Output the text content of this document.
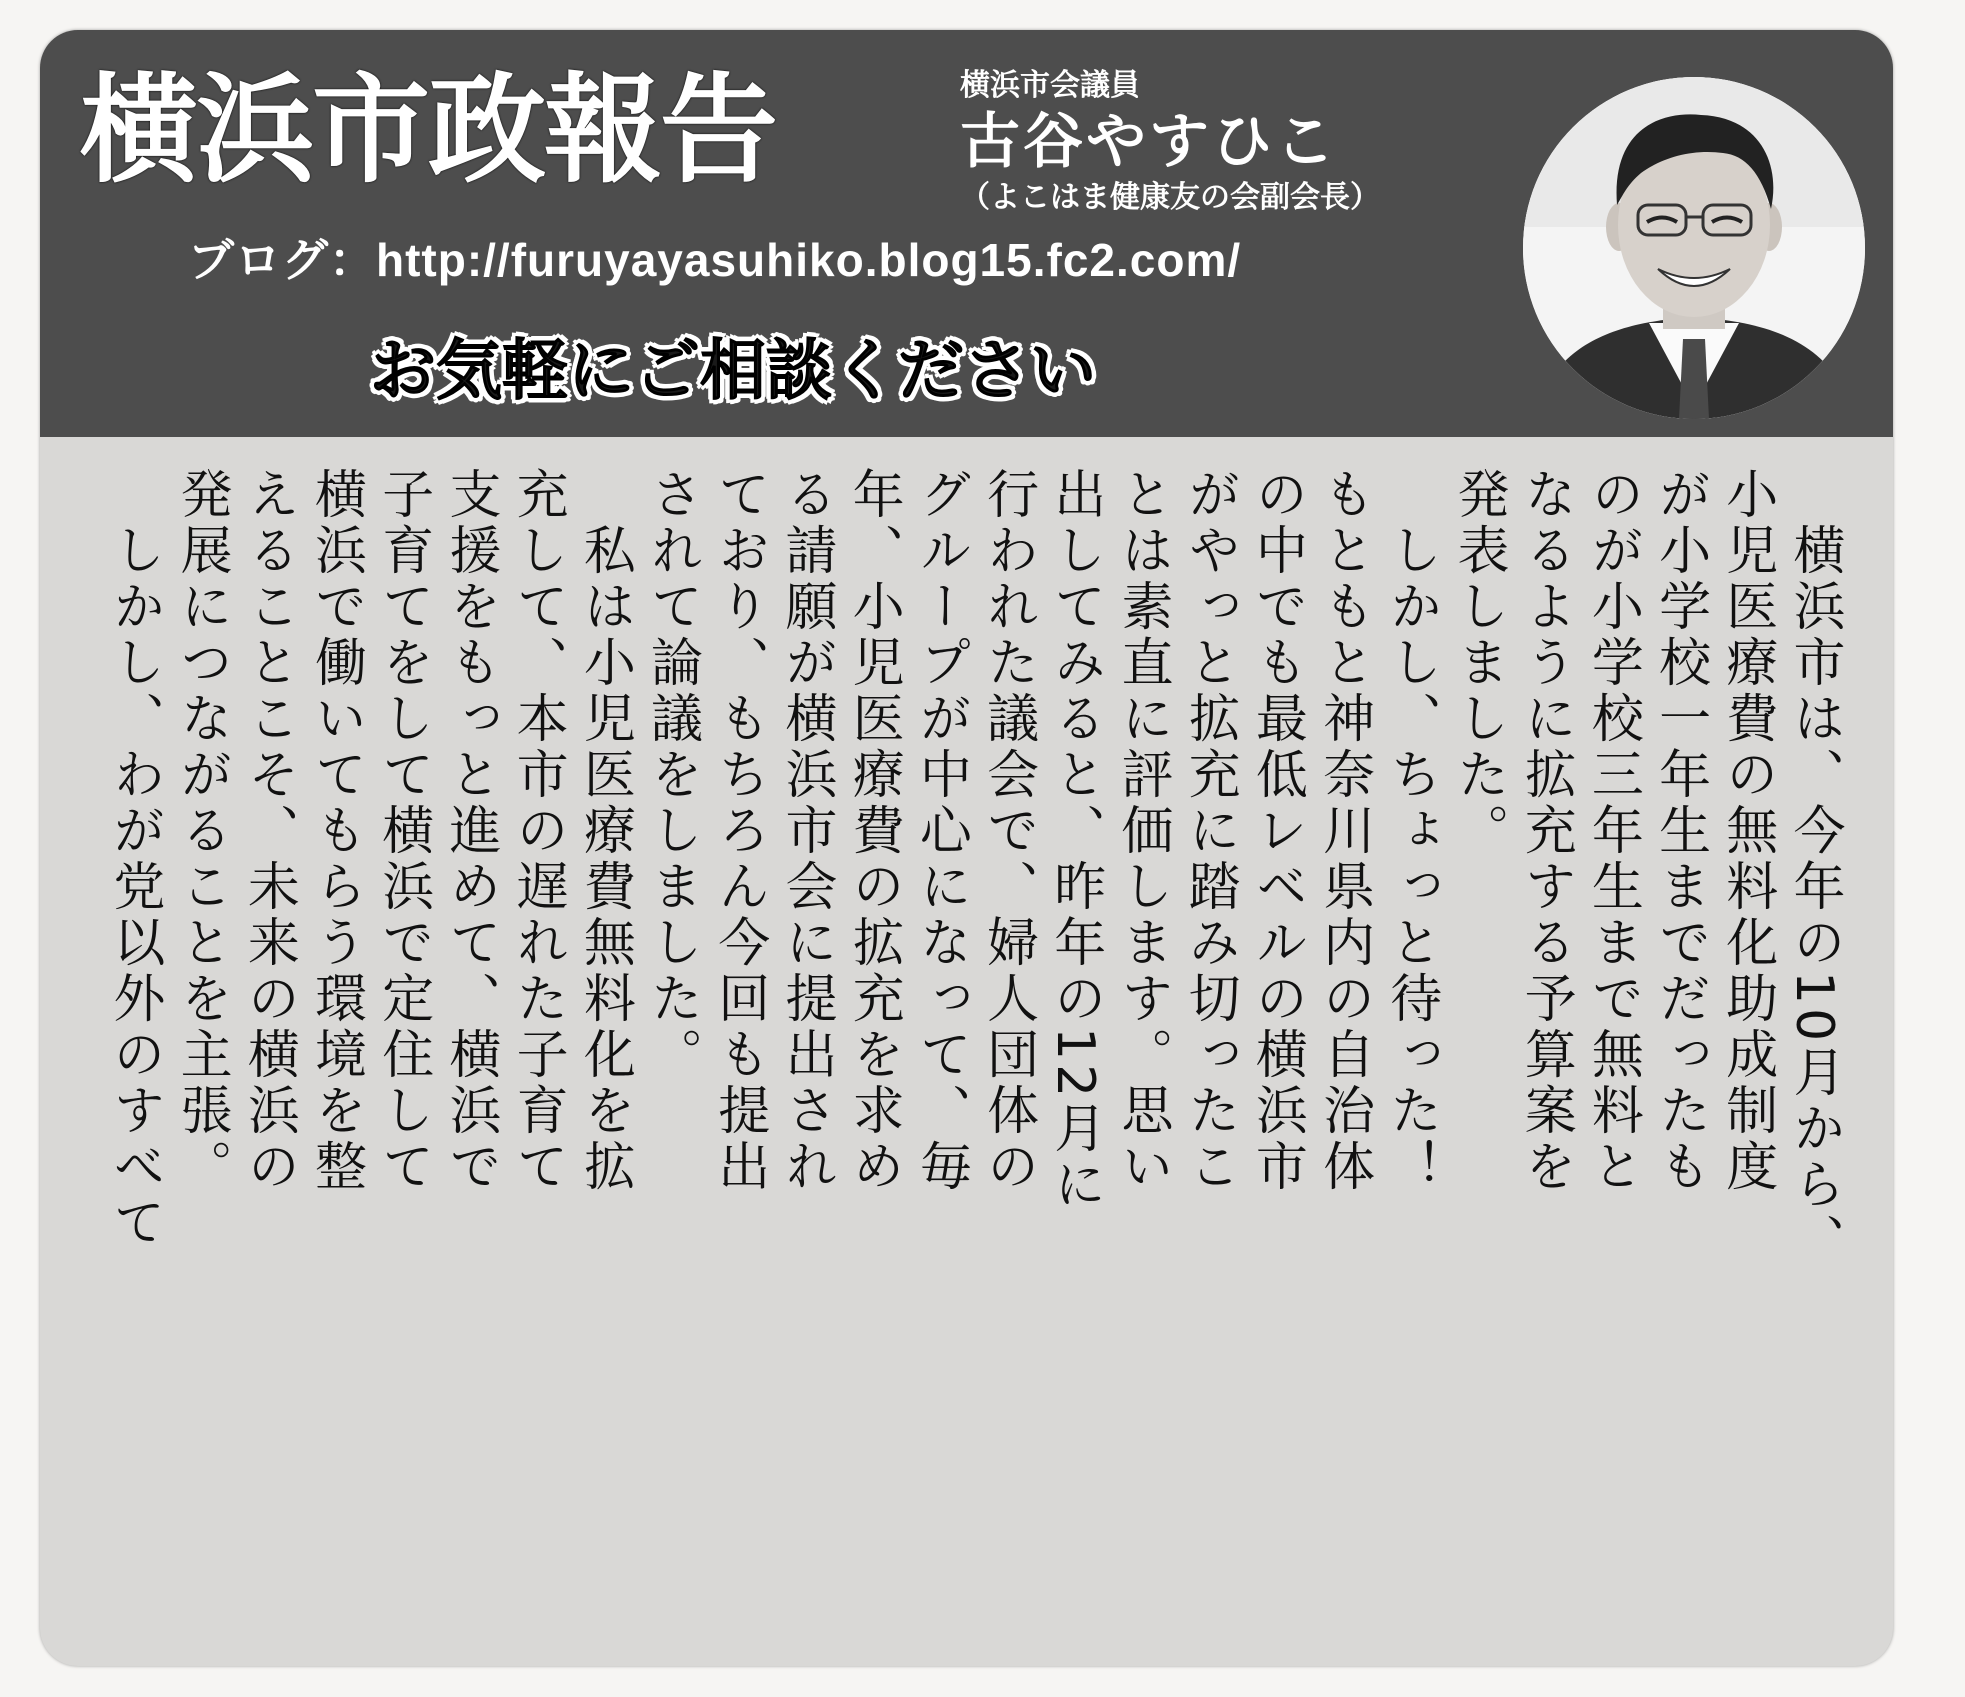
横浜市政報告	横浜市会議員
古谷やすひこ
（よこはま健康友の会副会長）
ブログ：http://furuyayasuhiko.blog15.fc2.com/
お気軽にご相談ください
　横浜市は、今年の10月から、
小児医療費の無料化助成制度
が小学校一年生までだったも
のが小学校三年生まで無料と
なるように拡充する予算案を
発表しました。
　しかし、ちょっと待った！
もともと神奈川県内の自治体
の中でも最低レベルの横浜市
がやっと拡充に踏み切ったこ
とは素直に評価します。思い
出してみると、昨年の12月に
行われた議会で、婦人団体の
グループが中心になって、毎
年、小児医療費の拡充を求め
る請願が横浜市会に提出され
ており、もちろん今回も提出
されて論議をしました。
　私は小児医療費無料化を拡
充して、本市の遅れた子育て
支援をもっと進めて、横浜で
子育てをして横浜で定住して
横浜で働いてもらう環境を整
えることこそ、未来の横浜の
発展につながることを主張。
　しかし、わが党以外のすべて
